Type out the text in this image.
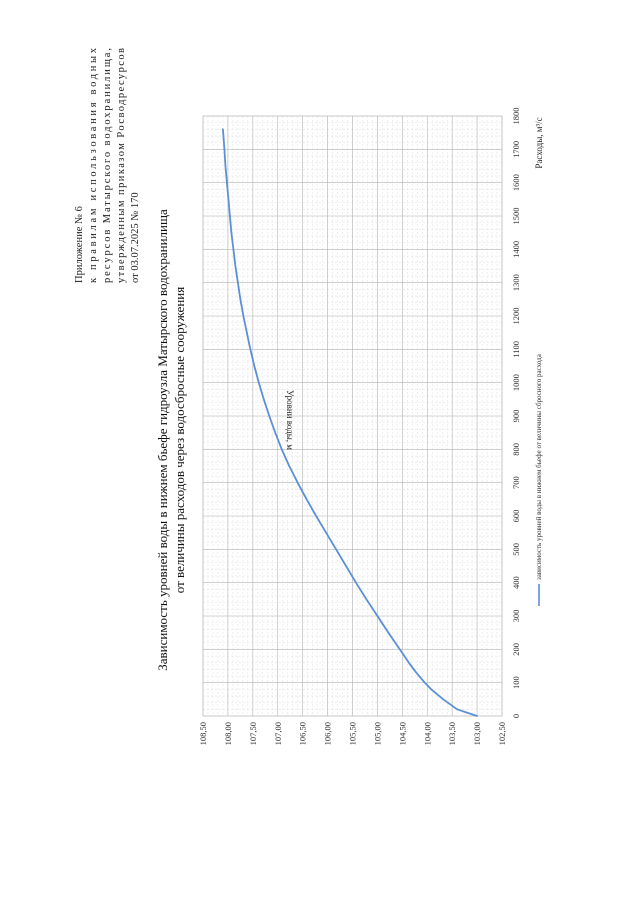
Приложение № 6 к правилам использования водных
ресурсов Матырского водохранилища,
утвержденным приказом Росводресурсов
от 03.07.2025 № 170 Зависимость уровней воды в нижнем бьефе гидроузла Матырского водохранилища от величины расходов через водосбросные сооружения
0
100
200
300
400
500
600
700
800
900
1000
1100
1200
1300
1400
1500
1600
1700
1800
102,50
103,00
103,50
104,00
104,50
105,00
105,50
106,00
106,50
107,00
107,50
108,00
108,50
Расходы, м³/с
Уровни воды, м	зависимость уровней воды в нижнем бьефе от величины сбросного расхода
